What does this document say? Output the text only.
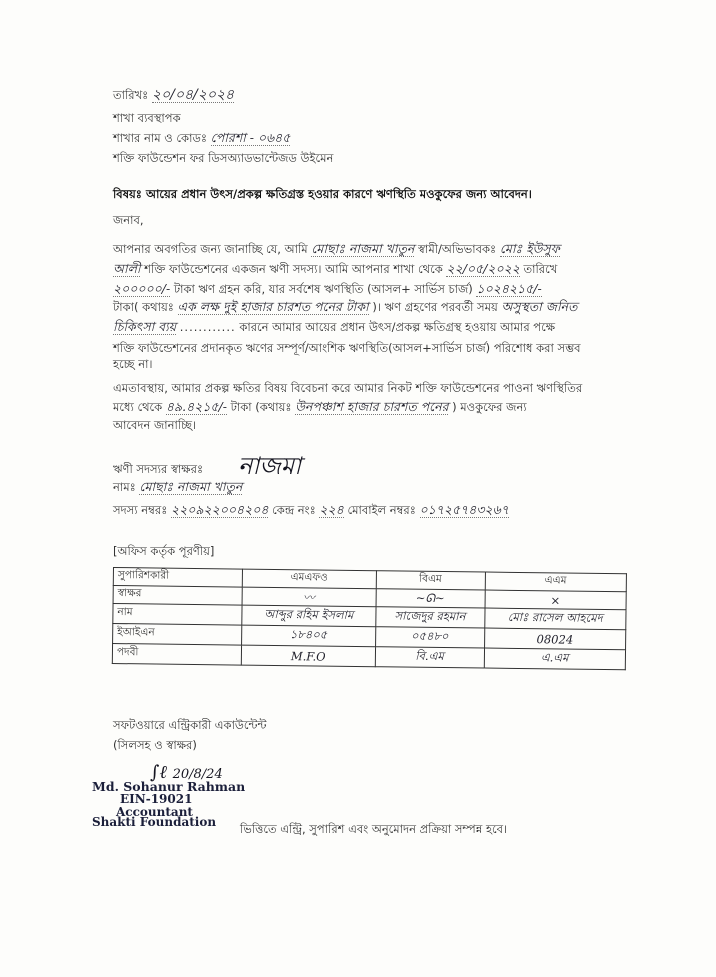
তারিখঃ ২০/০৪/২০২৪
শাখা ব্যবস্থাপক
শাখার নাম ও কোডঃ পোরশা - ০৬৪৫
শক্তি ফাউন্ডেশন ফর ডিসঅ্যাডভান্টেজড উইমেন
বিষয়ঃ আয়ের প্রধান উৎস/প্রকল্প ক্ষতিগ্রস্ত হওয়ার কারণে ঋণস্থিতি মওকুফের জন্য আবেদন।
জনাব,
আপনার অবগতির জন্য জানাচ্ছি যে, আমি মোছাঃ নাজমা খাতুন স্বামী/অভিভাবকঃ মোঃ ইউসুফ
আলী শক্তি ফাউন্ডেশনের একজন ঋণী সদস্য। আমি আপনার শাখা থেকে ২২/০৫/২০২২ তারিখে
২০০০০০/- টাকা ঋণ গ্রহন করি, যার সর্বশেষ ঋণস্থিতি (আসল+ সার্ভিস চার্জ) ১০২৪২১৫/-
টাকা( কথায়ঃ এক লক্ষ দুই হাজার চারশত পনের টাকা )। ঋণ গ্রহণের পরবর্তী সময় অসুস্থতা জনিত
চিকিৎসা ব্যয় ............ কারনে আমার আয়ের প্রধান উৎস/প্রকল্প ক্ষতিগ্রস্থ হওয়ায় আমার পক্ষে
শক্তি ফাউন্ডেশনের প্রদানকৃত ঋণের সম্পূর্ণ/আংশিক ঋণস্থিতি(আসল+সার্ভিস চার্জ) পরিশোধ করা সম্ভব
হচ্ছে না।
এমতাবস্থায়, আমার প্রকল্প ক্ষতির বিষয় বিবেচনা করে আমার নিকট শক্তি ফাউন্ডেশনের পাওনা ঋণস্থিতির
মধ্যে থেকে ৪৯.৪২১৫/- টাকা (কথায়ঃ উনপঞ্চাশ হাজার চারশত পনের ) মওকুফের জন্য
আবেদন জানাচ্ছি।
ঋণী সদস্যর স্বাক্ষরঃ নাজমা
নামঃ মোছাঃ নাজমা খাতুন
সদস্য নম্বরঃ ২২০৯২২০০৪২০৪ কেন্দ্র নংঃ ২২৪ মোবাইল নম্বরঃ ০১৭২৫৭৪৩২৬৭
[অফিস কর্তৃক পূরণীয়]
সুপারিশকারী	এমএফও	বিএম	এএম
স্বাক্ষর	〰︎	~ᘏ~	⨯
নাম	আব্দুর রহিম ইসলাম	সাজেদুর রহমান	মোঃ রাসেল আহমেদ
ইআইএন	১৮৪০৫	০৫৪৮০	08024
পদবী	M.F.O	বি.এম	এ.এম
সফটওয়ারে এন্ট্রিকারী একাউন্টেন্ট
(সিলসহ ও স্বাক্ষর)
∫ℓ 20/8/24
Md. Sohanur Rahman
EIN-19021
Accountant
Shakti Foundation	ভিত্তিতে এন্ট্রি, সুপারিশ এবং অনুমোদন প্রক্রিয়া সম্পন্ন হবে।
